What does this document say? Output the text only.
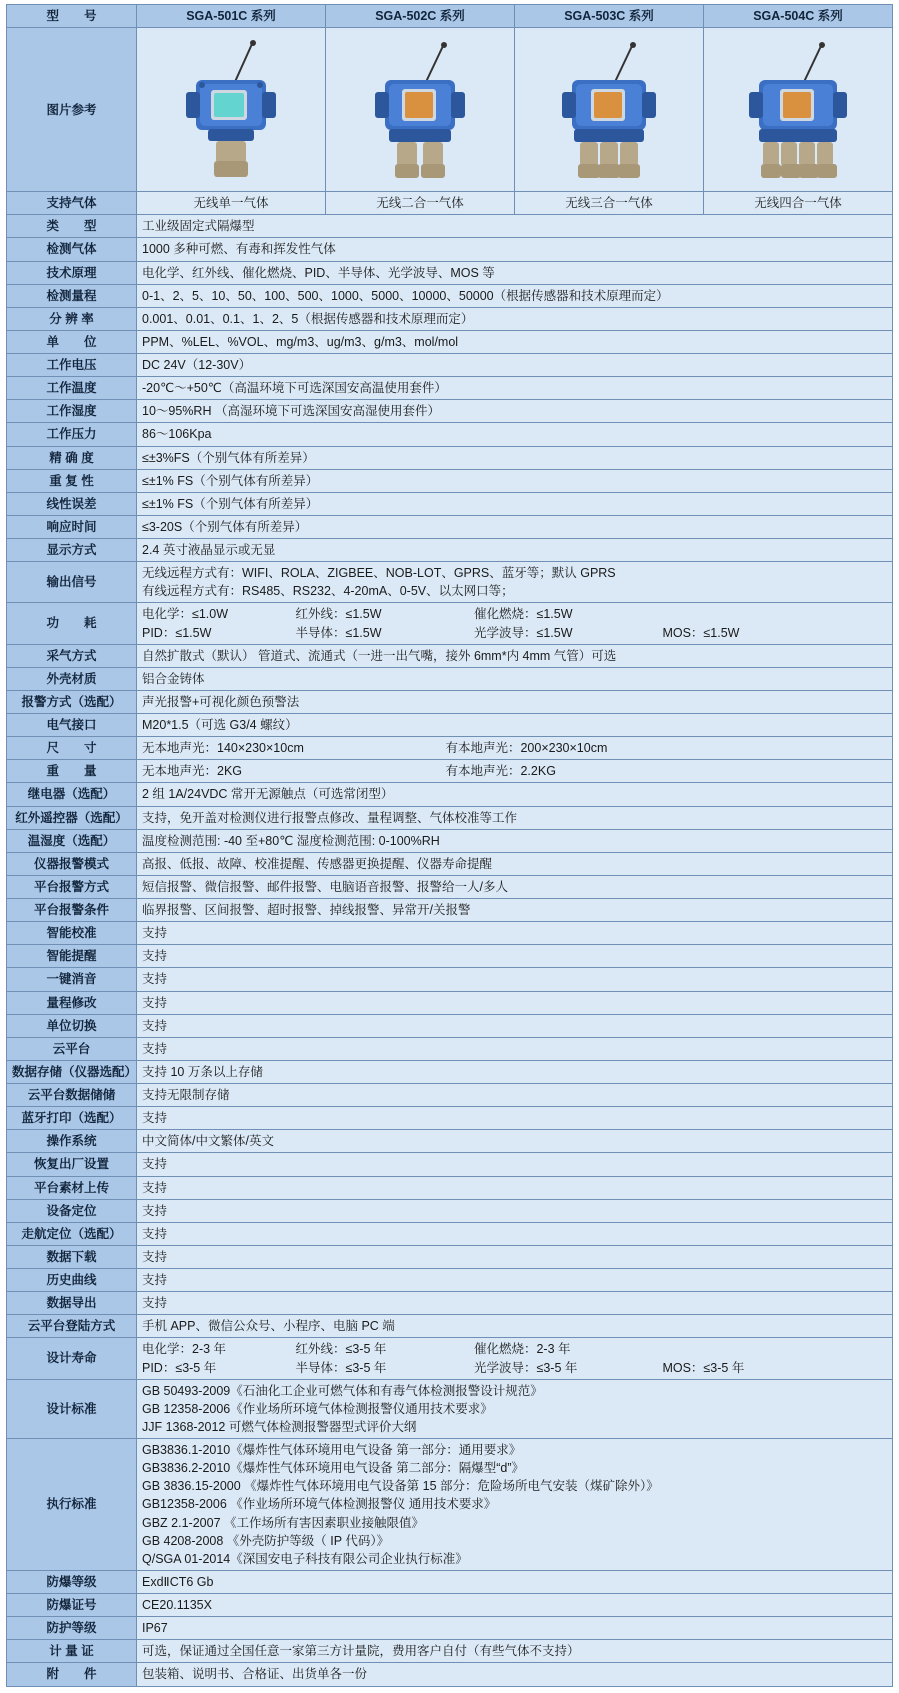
型　　号	SGA-501C 系列	SGA-502C 系列	SGA-503C 系列	SGA-504C 系列
图片参考	

支持气体	无线单一气体	无线二合一气体	无线三合一气体	无线四合一气体
类　　型	工业级固定式隔爆型			
检测气体	1000 多种可燃、有毒和挥发性气体			
技术原理	电化学、红外线、催化燃烧、PID、半导体、光学波导、MOS 等			
检测量程	0-1、2、5、10、50、100、500、1000、5000、10000、50000（根据传感器和技术原理而定）			
分 辨 率	0.001、0.01、0.1、1、2、5（根据传感器和技术原理而定）			
单　　位	PPM、%LEL、%VOL、mg/m3、ug/m3、g/m3、mol/mol			
工作电压	DC 24V（12-30V）			
工作温度	-20℃～+50℃（高温环境下可选深国安高温使用套件）			
工作湿度	10～95%RH （高湿环境下可选深国安高湿使用套件）			
工作压力	86～106Kpa			
精 确 度	≤±3%FS（个别气体有所差异）			
重 复 性	≤±1% FS（个别气体有所差异）			
线性误差	≤±1% FS（个别气体有所差异）			
响应时间	≤3-20S（个别气体有所差异）			
显示方式	2.4 英寸液晶显示或无显			
输出信号	无线远程方式有：WIFI、ROLA、ZIGBEE、NOB-LOT、GPRS、蓝牙等；默认 GPRS
有线远程方式有：RS485、RS232、4-20mA、0-5V、以太网口等；			

功　　耗	电化学：≤1.0W 红外线：≤1.5W 催化燃烧：≤1.5W
PID：≤1.5W 半导体：≤1.5W 光学波导：≤1.5W MOS：≤1.5W			

采气方式	自然扩散式（默认） 管道式、流通式（一进一出气嘴，接外 6mm*内 4mm 气管）可选			
外壳材质	铝合金铸体			
报警方式（选配）	声光报警+可视化颜色预警法			
电气接口	M20*1.5（可选 G3/4 螺纹）			
尺　　寸	无本地声光：140×230×10cm 有本地声光：200×230×10cm			
重　　量	无本地声光：2KG 有本地声光：2.2KG			
继电器（选配）	2 组 1A/24VDC 常开无源触点（可选常闭型）			
红外遥控器（选配）	支持，免开盖对检测仪进行报警点修改、量程调整、气体校准等工作			
温湿度（选配）	温度检测范围: -40 至+80℃ 湿度检测范围: 0-100%RH			
仪器报警模式	高报、低报、故障、校准提醒、传感器更换提醒、仪器寿命提醒			
平台报警方式	短信报警、微信报警、邮件报警、电脑语音报警、报警给一人/多人			
平台报警条件	临界报警、区间报警、超时报警、掉线报警、异常开/关报警			
智能校准	支持			
智能提醒	支持			
一键消音	支持			
量程修改	支持			
单位切换	支持			
云平台	支持			
数据存储（仪器选配）	支持 10 万条以上存储			
云平台数据储储	支持无限制存储			
蓝牙打印（选配）	支持			
操作系统	中文简体/中文繁体/英文			
恢复出厂设置	支持			
平台素材上传	支持			
设备定位	支持			
走航定位（选配）	支持			
数据下载	支持			
历史曲线	支持			
数据导出	支持			
云平台登陆方式	手机 APP、微信公众号、小程序、电脑 PC 端			
设计寿命	电化学：2-3 年 红外线：≤3-5 年 催化燃烧：2-3 年
PID：≤3-5 年 半导体：≤3-5 年 光学波导：≤3-5 年 MOS：≤3-5 年			

设计标准	GB 50493-2009《石油化工企业可燃气体和有毒气体检测报警设计规范》
GB 12358-2006《作业场所环境气体检测报警仪通用技术要求》
JJF 1368-2012 可燃气体检测报警器型式评价大纲			

执行标准	
GB3836.1-2010《爆炸性气体环境用电气设备 第一部分：通用要求》
GB3836.2-2010《爆炸性气体环境用电气设备 第二部分：隔爆型“d”》
GB 3836.15-2000 《爆炸性气体环境用电气设备第 15 部分：危险场所电气安装（煤矿除外）》
GB12358-2006 《作业场所环境气体检测报警仪 通用技术要求》
GBZ 2.1-2007 《工作场所有害因素职业接触限值》
GB 4208-2008 《外壳防护等级（ IP 代码）》
Q/SGA 01-2014《深国安电子科技有限公司企业执行标准》

防爆等级	ExdⅡCT6 Gb			
防爆证号	CE20.1135X			
防护等级	IP67			
计 量 证	可选，保证通过全国任意一家第三方计量院，费用客户自付（有些气体不支持）			
附　　件	包装箱、说明书、合格证、出货单各一份			
